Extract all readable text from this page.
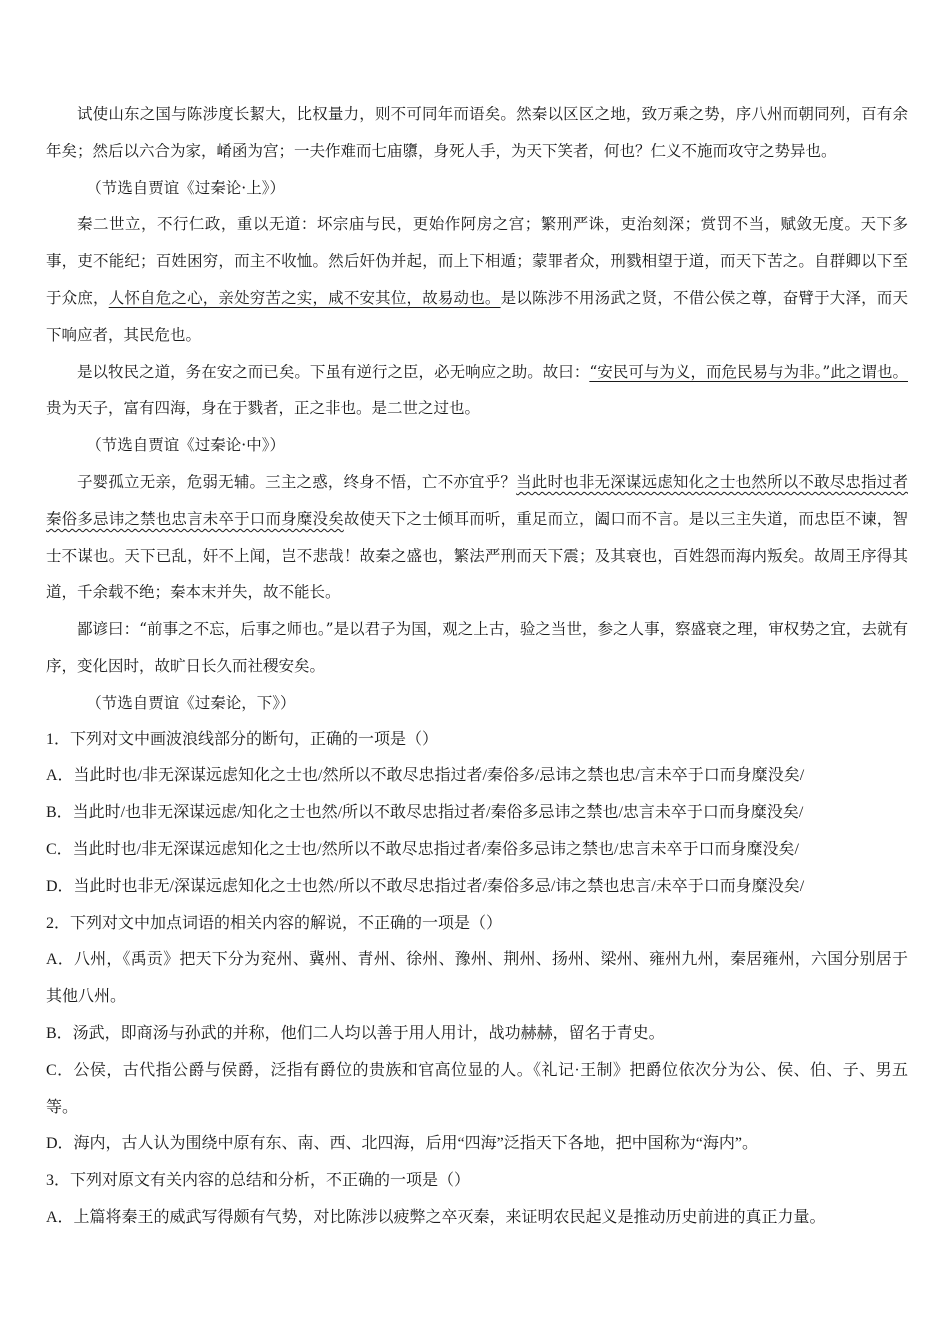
试使山东之国与陈涉度长絜大，比权量力，则不可同年而语矣。然秦以区区之地，致万乘之势，序八州而朝同列，百有余年矣；然后以六合为家，崤函为宫；一夫作难而七庙隳，身死人手，为天下笑者，何也？仁义不施而攻守之势异也。

（节选自贾谊《过秦论·上》）

秦二世立，不行仁政，重以无道：坏宗庙与民，更始作阿房之宫；繁刑严诛，吏治刻深；赏罚不当，赋敛无度。天下多事，吏不能纪；百姓困穷，而主不收恤。然后奸伪并起，而上下相遁；蒙罪者众，刑戮相望于道，而天下苦之。自群卿以下至于众庶，人怀自危之心，亲处穷苦之实，咸不安其位，故易动也。是以陈涉不用汤武之贤，不借公侯之尊，奋臂于大泽，而天下响应者，其民危也。

是以牧民之道，务在安之而已矣。下虽有逆行之臣，必无响应之助。故曰：“安民可与为义，而危民易与为非。”此之谓也。贵为天子，富有四海，身在于戮者，正之非也。是二世之过也。

（节选自贾谊《过秦论·中》）

子婴孤立无亲，危弱无辅。三主之惑，终身不悟，亡不亦宜乎？当此时也非无深谋远虑知化之士也然所以不敢尽忠指过者秦俗多忌讳之禁也忠言未卒于口而身糜没矣故使天下之士倾耳而听，重足而立，阖口而不言。是以三主失道，而忠臣不谏，智士不谋也。天下已乱，奸不上闻，岂不悲哉！故秦之盛也，繁法严刑而天下震；及其衰也，百姓怨而海内叛矣。故周王序得其道，千余载不绝；秦本末并失，故不能长。

鄙谚曰：“前事之不忘，后事之师也。”是以君子为国，观之上古，验之当世，参之人事，察盛衰之理，审权势之宜，去就有序，变化因时，故旷日长久而社稷安矣。

（节选自贾谊《过秦论，下》）

1．下列对文中画波浪线部分的断句，正确的一项是（）

A．当此时也/非无深谋远虑知化之士也/然所以不敢尽忠指过者/秦俗多/忌讳之禁也忠/言未卒于口而身糜没矣/

B．当此时/也非无深谋远虑/知化之士也然/所以不敢尽忠指过者/秦俗多忌讳之禁也/忠言未卒于口而身糜没矣/

C．当此时也/非无深谋远虑知化之士也/然所以不敢尽忠指过者/秦俗多忌讳之禁也/忠言未卒于口而身糜没矣/

D．当此时也非无/深谋远虑知化之士也然/所以不敢尽忠指过者/秦俗多忌/讳之禁也忠言/未卒于口而身糜没矣/

2．下列对文中加点词语的相关内容的解说，不正确的一项是（）

A．八州，《禹贡》把天下分为兖州、冀州、青州、徐州、豫州、荆州、扬州、梁州、雍州九州，秦居雍州，六国分别居于其他八州。

B．汤武，即商汤与孙武的并称，他们二人均以善于用人用计，战功赫赫，留名于青史。

C．公侯，古代指公爵与侯爵，泛指有爵位的贵族和官高位显的人。《礼记·王制》把爵位依次分为公、侯、伯、子、男五等。

D．海内，古人认为围绕中原有东、南、西、北四海，后用“四海”泛指天下各地，把中国称为“海内”。

3．下列对原文有关内容的总结和分析，不正确的一项是（）

A．上篇将秦王的威武写得颇有气势，对比陈涉以疲弊之卒灭秦，来证明农民起义是推动历史前进的真正力量。
